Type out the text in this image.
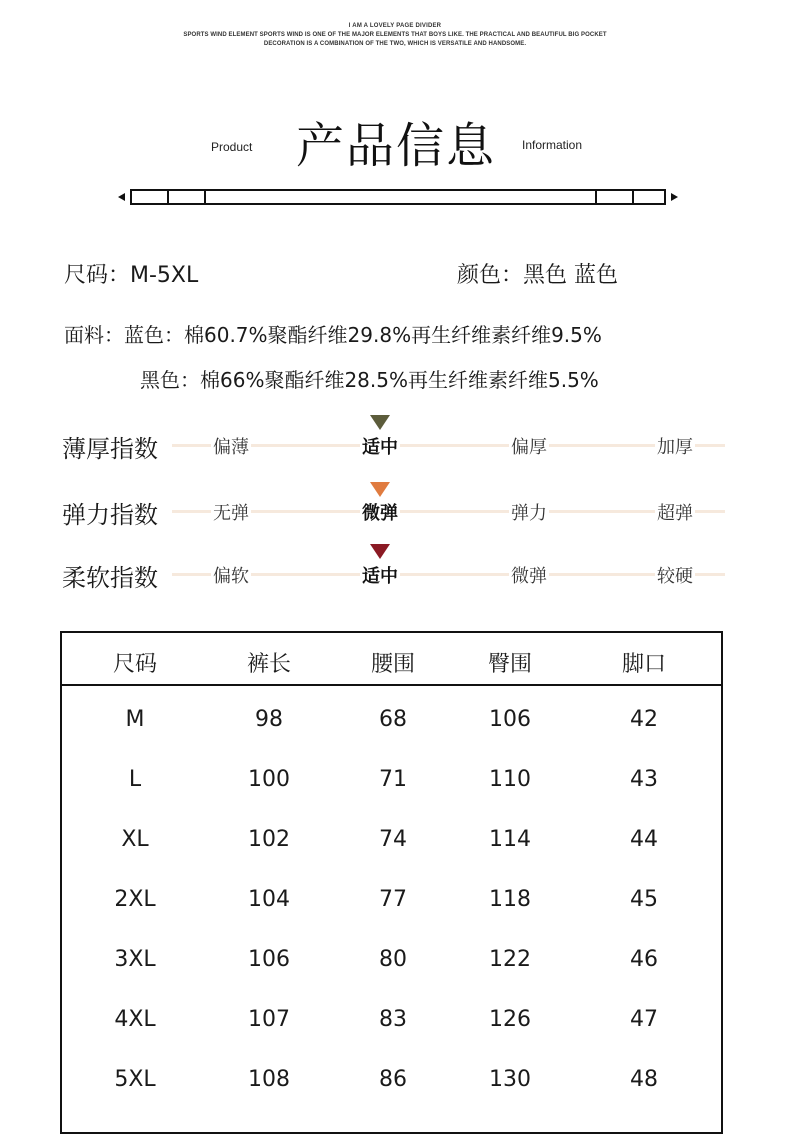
I AM A LOVELY PAGE DIVIDER
SPORTS WIND ELEMENT SPORTS WIND IS ONE OF THE MAJOR ELEMENTS THAT BOYS LIKE. THE PRACTICAL AND BEAUTIFUL BIG POCKET
DECORATION IS A COMBINATION OF THE TWO, WHICH IS VERSATILE AND HANDSOME.
Product 产品信息 Information
尺码：M-5XL	颜色：黑色 蓝色
面料：蓝色：棉60.7%聚酯纤维29.8%再生纤维素纤维9.5%
黑色：棉66%聚酯纤维28.5%再生纤维素纤维5.5%
薄厚指数	偏薄	适中	偏厚	加厚
弹力指数	无弹	微弹	弹力	超弹
柔软指数	偏软	适中	微弹	较硬
尺码	裤长	腰围	臀围	脚口
M	98	68	106	42
L	100	71	110	43
XL	102	74	114	44
2XL	104	77	118	45
3XL	106	80	122	46
4XL	107	83	126	47
5XL	108	86	130	48
